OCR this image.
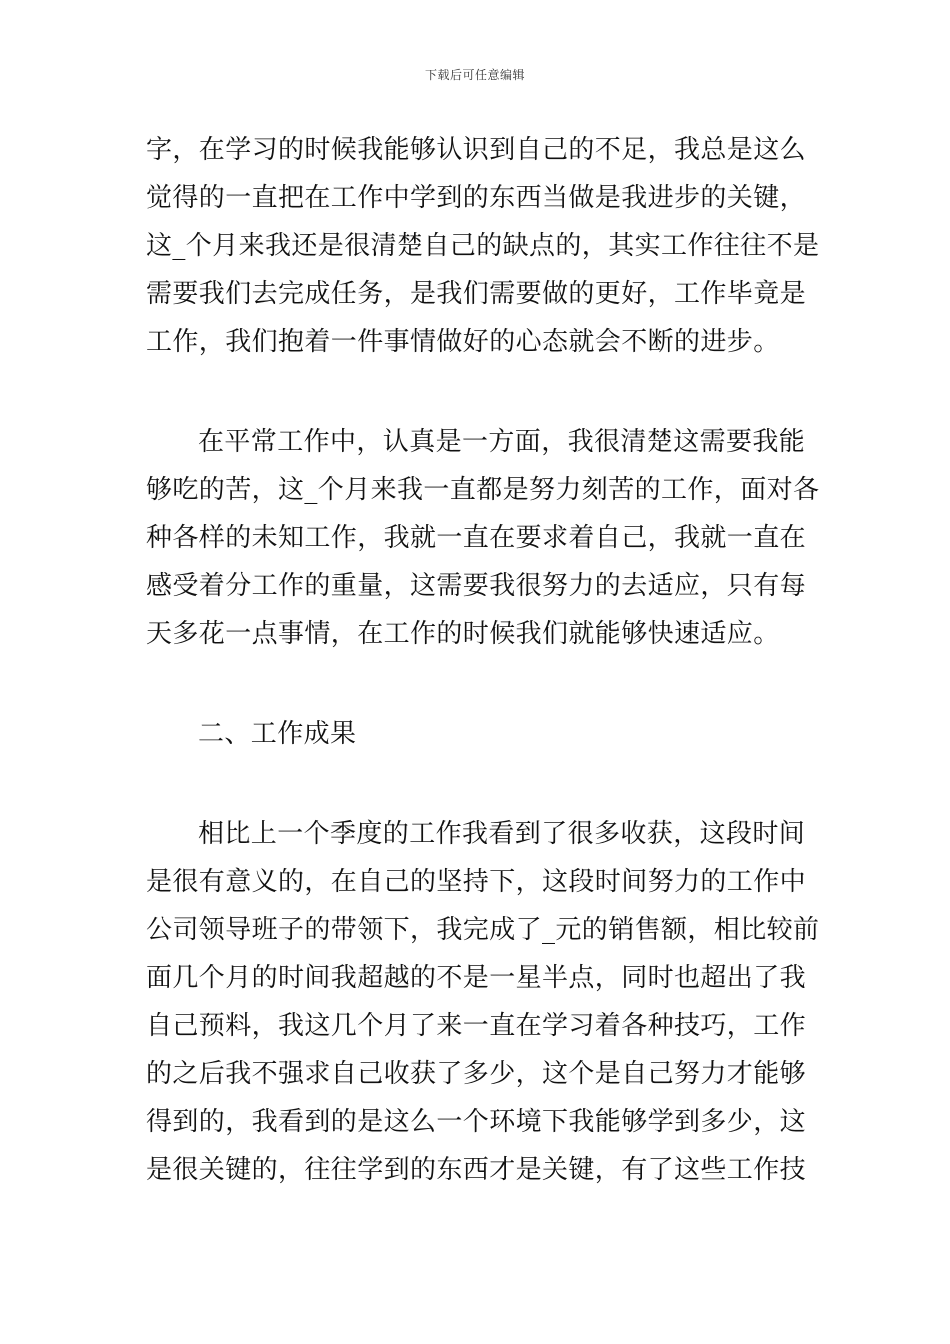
下载后可任意编辑
字，在学习的时候我能够认识到自己的不足，我总是这么
觉得的一直把在工作中学到的东西当做是我进步的关键，
这_个月来我还是很清楚自己的缺点的，其实工作往往不是
需要我们去完成任务，是我们需要做的更好，工作毕竟是
工作，我们抱着一件事情做好的心态就会不断的进步。
在平常工作中，认真是一方面，我很清楚这需要我能
够吃的苦，这_个月来我一直都是努力刻苦的工作，面对各
种各样的未知工作，我就一直在要求着自己，我就一直在
感受着分工作的重量，这需要我很努力的去适应，只有每
天多花一点事情，在工作的时候我们就能够快速适应。
二、工作成果
相比上一个季度的工作我看到了很多收获，这段时间
是很有意义的，在自己的坚持下，这段时间努力的工作中
公司领导班子的带领下，我完成了_元的销售额，相比较前
面几个月的时间我超越的不是一星半点，同时也超出了我
自己预料，我这几个月了来一直在学习着各种技巧，工作
的之后我不强求自己收获了多少，这个是自己努力才能够
得到的，我看到的是这么一个环境下我能够学到多少，这
是很关键的，往往学到的东西才是关键，有了这些工作技
